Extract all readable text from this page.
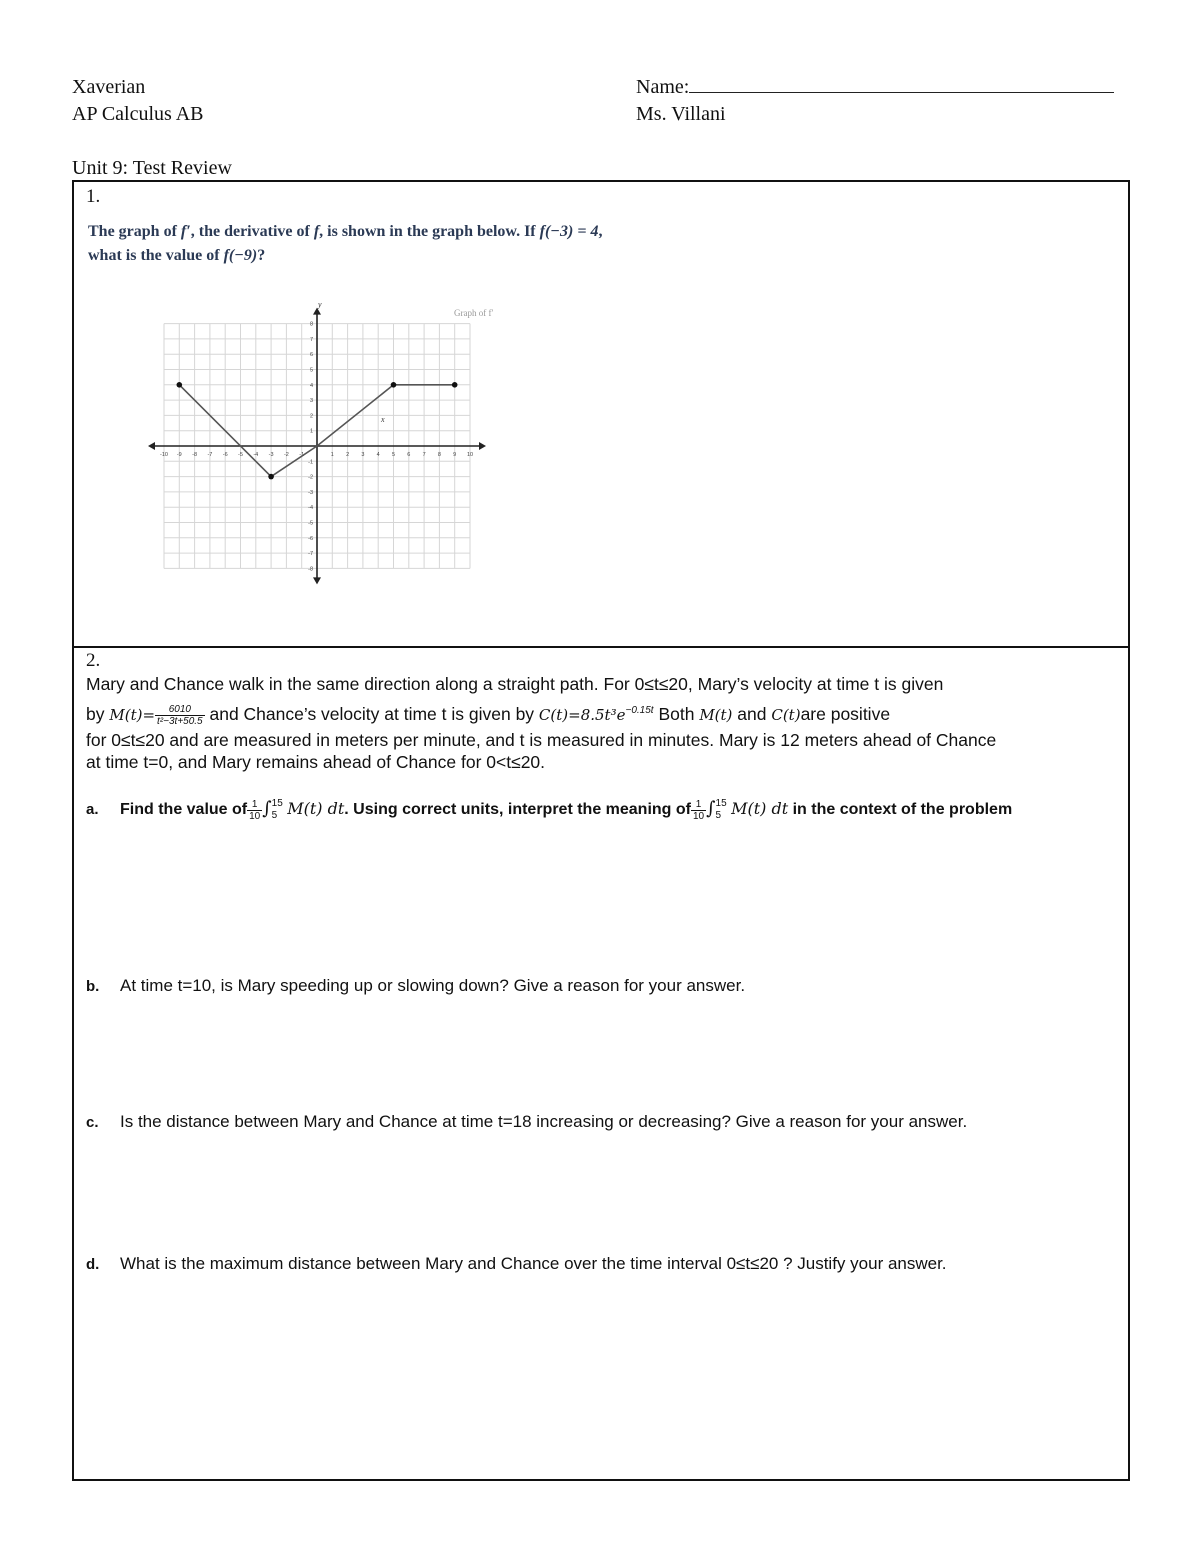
Xaverian
AP Calculus AB
Name:
Ms. Villani
Unit 9: Test Review
1.
The graph of f′, the derivative of f, is shown in the graph below. If f(−3) = 4,
what is the value of f(−9)?
-10 -9 -8 -7 -6 -5 -4 -3 -2 -1	1 2 3 4 5 6 7 8 9 10
-8
-7
-6
-5
-4
-3
-2
-1
1
2
3
4
5
6
7
8
Graph of f′
x
y
2.
Mary and Chance walk in the same direction along a straight path. For 0≤t≤20, Mary’s velocity at time t is given
by $M(t)= \frac{6010}{\text{t²−3t+50.5}}$ and Chance’s velocity at time t is given by $C(t)=8.5t^3e^{-0.15t}$ Both M(t) and C(t)are positive
for 0≤t≤20 and are measured in meters per minute, and t is measured in minutes. Mary is 12 meters ahead of Chance
at time t=0, and Mary remains ahead of Chance for 0<t≤20.
a. Find the value of $\frac{1}{10}$ ∫ 15
5 M(t) dt. Using correct units, interpret the meaning of $\frac{1}{10}$ ∫ 15
5 M(t) dt in the context of the problem
b. At time t=10, is Mary speeding up or slowing down? Give a reason for your answer.
c. Is the distance between Mary and Chance at time t=18 increasing or decreasing? Give a reason for your answer.
d. What is the maximum distance between Mary and Chance over the time interval 0≤t≤20 ? Justify your answer.
